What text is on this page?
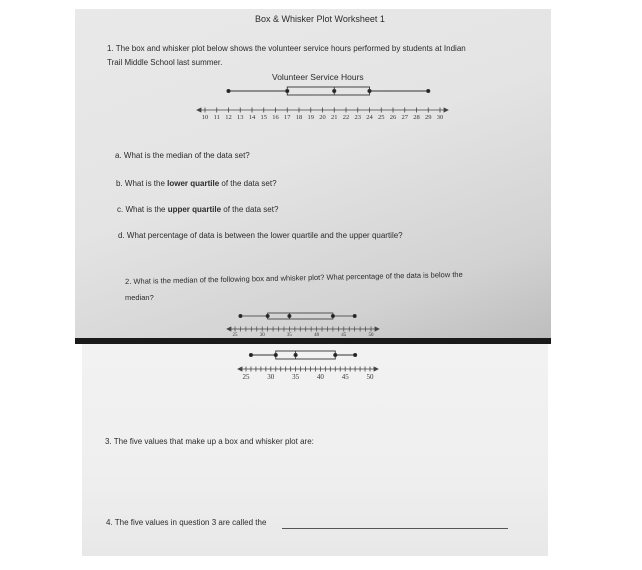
Box & Whisker Plot Worksheet 1
1. The box and whisker plot below shows the volunteer service hours performed by students at Indian
Trail Middle School last summer.
Volunteer Service Hours
10 11 12 13 14 15 16 17 18 19 20 21 22 23 24 25 26 27 28 29 30
a. What is the median of the data set?
b. What is the lower quartile of the data set?
c. What is the upper quartile of the data set?
d. What percentage of data is between the lower quartile and the upper quartile?
2. What is the median of the following box and whisker plot? What percentage of the data is below the
median?
25	30	35	40	45	50
25	30	35	40	45	50
3. The five values that make up a box and whisker plot are:
4. The five values in question 3 are called the
